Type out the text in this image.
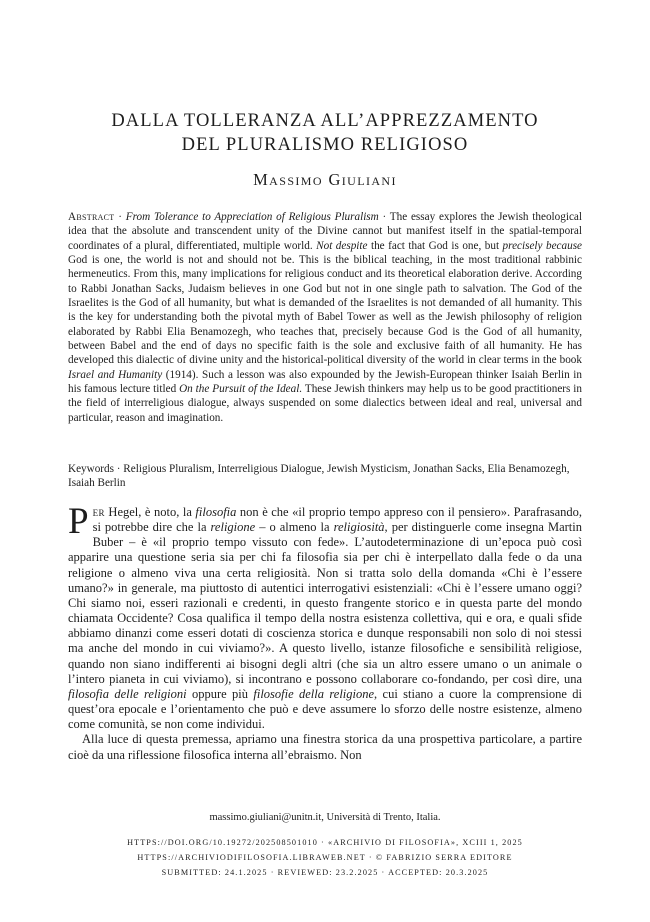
DALLA TOLLERANZA ALL’APPREZZAMENTO
DEL PLURALISMO RELIGIOSO

Massimo Giuliani

Abstract · From Tolerance to Appreciation of Religious Pluralism · The essay explores the Jewish theological idea that the absolute and transcendent unity of the Divine cannot but manifest itself in the spatial-temporal coordinates of a plural, differentiated, multiple world. Not despite the fact that God is one, but precisely because God is one, the world is not and should not be. This is the biblical teaching, in the most traditional rabbinic hermeneutics. From this, many implications for religious conduct and its theoretical elaboration derive. According to Rabbi Jonathan Sacks, Judaism believes in one God but not in one single path to salvation. The God of the Israelites is the God of all humanity, but what is demanded of the Israelites is not demanded of all humanity. This is the key for understanding both the pivotal myth of Babel Tower as well as the Jewish philosophy of religion elaborated by Rabbi Elia Benamozegh, who teaches that, precisely because God is the God of all humanity, between Babel and the end of days no specific faith is the sole and exclusive faith of all humanity. He has developed this dialectic of divine unity and the historical-political diversity of the world in clear terms in the book Israel and Humanity (1914). Such a lesson was also expounded by the Jewish-European thinker Isaiah Berlin in his famous lecture titled On the Pursuit of the Ideal. These Jewish thinkers may help us to be good practitioners in the field of interreligious dialogue, always suspended on some dialectics between ideal and real, universal and particular, reason and imagination.

Keywords · Religious Pluralism, Interreligious Dialogue, Jewish Mysticism, Jonathan Sacks, Elia Benamozegh, Isaiah Berlin

Per Hegel, è noto, la filosofia non è che «il proprio tempo appreso con il pensiero». Parafrasando, si potrebbe dire che la religione – o almeno la religiosità, per distinguerle come insegna Martin Buber – è «il proprio tempo vissuto con fede». L’autodeterminazione di un’epoca può così apparire una questione seria sia per chi fa filosofia sia per chi è interpellato dalla fede o da una religione o almeno viva una certa religiosità. Non si tratta solo della domanda «Chi è l’essere umano?» in generale, ma piuttosto di autentici interrogativi esistenziali: «Chi è l’essere umano oggi? Chi siamo noi, esseri razionali e credenti, in questo frangente storico e in questa parte del mondo chiamata Occidente? Cosa qualifica il tempo della nostra esistenza collettiva, qui e ora, e quali sfide abbiamo dinanzi come esseri dotati di coscienza storica e dunque responsabili non solo di noi stessi ma anche del mondo in cui viviamo?». A questo livello, istanze filosofiche e sensibilità religiose, quando non siano indifferenti ai bisogni degli altri (che sia un altro essere umano o un animale o l’intero pianeta in cui viviamo), si incontrano e possono collaborare co-fondando, per così dire, una filosofia delle religioni oppure più filosofie della religione, cui stiano a cuore la comprensione di quest’ora epocale e l’orientamento che può e deve assumere lo sforzo delle nostre esistenze, almeno come comunità, se non come individui.

Alla luce di questa premessa, apriamo una finestra storica da una prospettiva particolare, a partire cioè da una riflessione filosofica interna all’ebraismo. Non

massimo.giuliani@unitn.it, Università di Trento, Italia.

HTTPS://DOI.ORG/10.19272/202508501010 · «ARCHIVIO DI FILOSOFIA», XCIII 1, 2025

HTTPS://ARCHIVIODIFILOSOFIA.LIBRAWEB.NET · © FABRIZIO SERRA EDITORE

SUBMITTED: 24.1.2025 · REVIEWED: 23.2.2025 · ACCEPTED: 20.3.2025
